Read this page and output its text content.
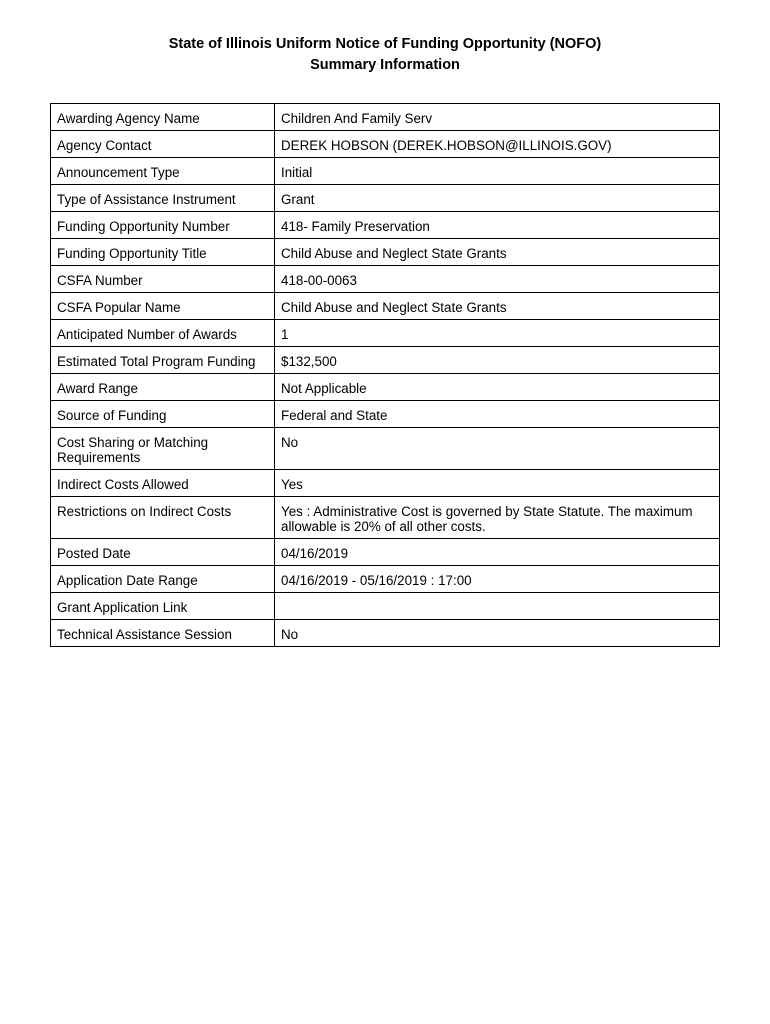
State of Illinois Uniform Notice of Funding Opportunity (NOFO)
Summary Information
Awarding Agency Name	Children And Family Serv
Agency Contact	DEREK HOBSON (DEREK.HOBSON@ILLINOIS.GOV)
Announcement Type	Initial
Type of Assistance Instrument	Grant
Funding Opportunity Number	418- Family Preservation
Funding Opportunity Title	Child Abuse and Neglect State Grants
CSFA Number	418-00-0063
CSFA Popular Name	Child Abuse and Neglect State Grants
Anticipated Number of Awards	1
Estimated Total Program Funding	$132,500
Award Range	Not Applicable
Source of Funding	Federal and State
Cost Sharing or Matching Requirements	No
Indirect Costs Allowed	Yes
Restrictions on Indirect Costs	Yes : Administrative Cost is governed by State Statute. The maximum allowable is 20% of all other costs.
Posted Date	04/16/2019
Application Date Range	04/16/2019 - 05/16/2019 : 17:00
Grant Application Link	
Technical Assistance Session	No
